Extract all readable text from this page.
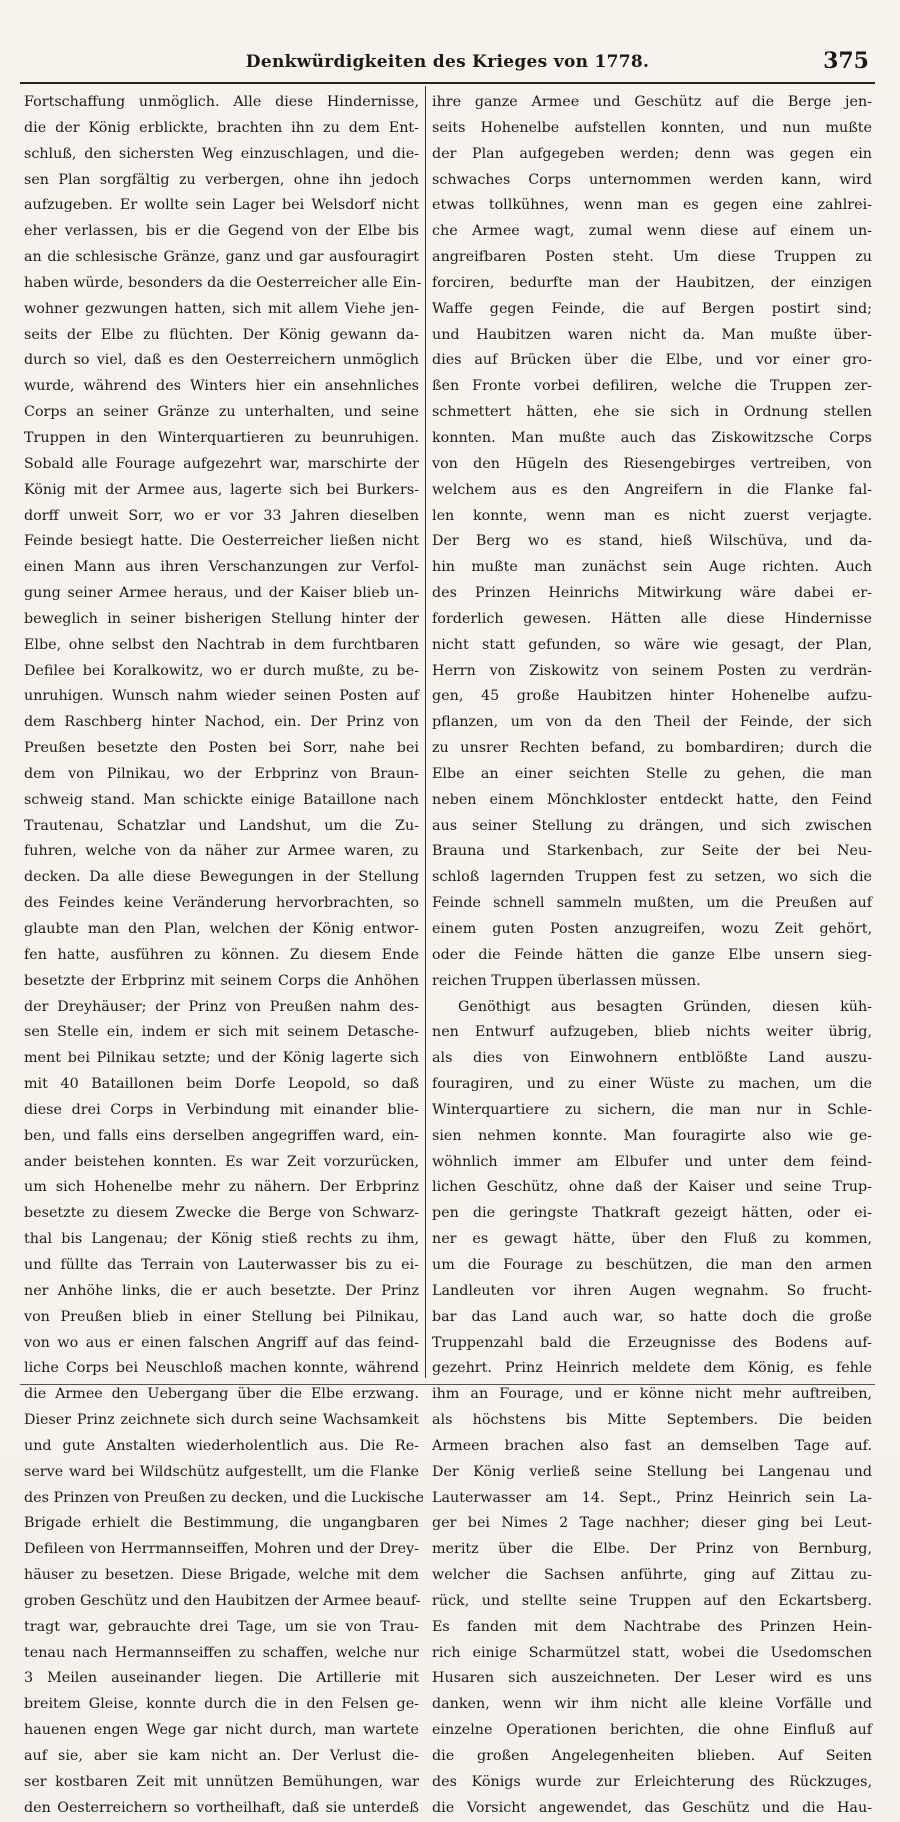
Denkwürdigkeiten des Krieges von 1778.	375
Fortschaffung unmöglich. Alle diese Hindernisse,
die der König erblickte, brachten ihn zu dem Ent-
schluß, den sichersten Weg einzuschlagen, und die-
sen Plan sorgfältig zu verbergen, ohne ihn jedoch
aufzugeben. Er wollte sein Lager bei Welsdorf nicht
eher verlassen, bis er die Gegend von der Elbe bis
an die schlesische Gränze, ganz und gar ausfouragirt
haben würde, besonders da die Oesterreicher alle Ein-
wohner gezwungen hatten, sich mit allem Viehe jen-
seits der Elbe zu flüchten. Der König gewann da-
durch so viel, daß es den Oesterreichern unmöglich
wurde, während des Winters hier ein ansehnliches
Corps an seiner Gränze zu unterhalten, und seine
Truppen in den Winterquartieren zu beunruhigen.
Sobald alle Fourage aufgezehrt war, marschirte der
König mit der Armee aus, lagerte sich bei Burkers-
dorff unweit Sorr, wo er vor 33 Jahren dieselben
Feinde besiegt hatte. Die Oesterreicher ließen nicht
einen Mann aus ihren Verschanzungen zur Verfol-
gung seiner Armee heraus, und der Kaiser blieb un-
beweglich in seiner bisherigen Stellung hinter der
Elbe, ohne selbst den Nachtrab in dem furchtbaren
Defilee bei Koralkowitz, wo er durch mußte, zu be-
unruhigen. Wunsch nahm wieder seinen Posten auf
dem Raschberg hinter Nachod, ein. Der Prinz von
Preußen besetzte den Posten bei Sorr, nahe bei
dem von Pilnikau, wo der Erbprinz von Braun-
schweig stand. Man schickte einige Bataillone nach
Trautenau, Schatzlar und Landshut, um die Zu-
fuhren, welche von da näher zur Armee waren, zu
decken. Da alle diese Bewegungen in der Stellung
des Feindes keine Veränderung hervorbrachten, so
glaubte man den Plan, welchen der König entwor-
fen hatte, ausführen zu können. Zu diesem Ende
besetzte der Erbprinz mit seinem Corps die Anhöhen
der Dreyhäuser; der Prinz von Preußen nahm des-
sen Stelle ein, indem er sich mit seinem Detasche-
ment bei Pilnikau setzte; und der König lagerte sich
mit 40 Bataillonen beim Dorfe Leopold, so daß
diese drei Corps in Verbindung mit einander blie-
ben, und falls eins derselben angegriffen ward, ein-
ander beistehen konnten. Es war Zeit vorzurücken,
um sich Hohenelbe mehr zu nähern. Der Erbprinz
besetzte zu diesem Zwecke die Berge von Schwarz-
thal bis Langenau; der König stieß rechts zu ihm,
und füllte das Terrain von Lauterwasser bis zu ei-
ner Anhöhe links, die er auch besetzte. Der Prinz
von Preußen blieb in einer Stellung bei Pilnikau,
von wo aus er einen falschen Angriff auf das feind-
liche Corps bei Neuschloß machen konnte, während
die Armee den Uebergang über die Elbe erzwang.
Dieser Prinz zeichnete sich durch seine Wachsamkeit
und gute Anstalten wiederholentlich aus. Die Re-
serve ward bei Wildschütz aufgestellt, um die Flanke
des Prinzen von Preußen zu decken, und die Luckische
Brigade erhielt die Bestimmung, die ungangbaren
Defileen von Herrmannseiffen, Mohren und der Drey-
häuser zu besetzen. Diese Brigade, welche mit dem
groben Geschütz und den Haubitzen der Armee beauf-
tragt war, gebrauchte drei Tage, um sie von Trau-
tenau nach Hermannseiffen zu schaffen, welche nur
3 Meilen auseinander liegen. Die Artillerie mit
breitem Gleise, konnte durch die in den Felsen ge-
hauenen engen Wege gar nicht durch, man wartete
auf sie, aber sie kam nicht an. Der Verlust die-
ser kostbaren Zeit mit unnützen Bemühungen, war
den Oesterreichern so vortheilhaft, daß sie unterdeß
ihre ganze Armee und Geschütz auf die Berge jen-
seits Hohenelbe aufstellen konnten, und nun mußte
der Plan aufgegeben werden; denn was gegen ein
schwaches Corps unternommen werden kann, wird
etwas tollkühnes, wenn man es gegen eine zahlrei-
che Armee wagt, zumal wenn diese auf einem un-
angreifbaren Posten steht. Um diese Truppen zu
forciren, bedurfte man der Haubitzen, der einzigen
Waffe gegen Feinde, die auf Bergen postirt sind;
und Haubitzen waren nicht da. Man mußte über-
dies auf Brücken über die Elbe, und vor einer gro-
ßen Fronte vorbei defiliren, welche die Truppen zer-
schmettert hätten, ehe sie sich in Ordnung stellen
konnten. Man mußte auch das Ziskowitzsche Corps
von den Hügeln des Riesengebirges vertreiben, von
welchem aus es den Angreifern in die Flanke fal-
len konnte, wenn man es nicht zuerst verjagte.
Der Berg wo es stand, hieß Wilschüva, und da-
hin mußte man zunächst sein Auge richten. Auch
des Prinzen Heinrichs Mitwirkung wäre dabei er-
forderlich gewesen. Hätten alle diese Hindernisse
nicht statt gefunden, so wäre wie gesagt, der Plan,
Herrn von Ziskowitz von seinem Posten zu verdrän-
gen, 45 große Haubitzen hinter Hohenelbe aufzu-
pflanzen, um von da den Theil der Feinde, der sich
zu unsrer Rechten befand, zu bombardiren; durch die
Elbe an einer seichten Stelle zu gehen, die man
neben einem Mönchkloster entdeckt hatte, den Feind
aus seiner Stellung zu drängen, und sich zwischen
Brauna und Starkenbach, zur Seite der bei Neu-
schloß lagernden Truppen fest zu setzen, wo sich die
Feinde schnell sammeln mußten, um die Preußen auf
einem guten Posten anzugreifen, wozu Zeit gehört,
oder die Feinde hätten die ganze Elbe unsern sieg-
reichen Truppen überlassen müssen.
Genöthigt aus besagten Gründen, diesen küh-
nen Entwurf aufzugeben, blieb nichts weiter übrig,
als dies von Einwohnern entblößte Land auszu-
fouragiren, und zu einer Wüste zu machen, um die
Winterquartiere zu sichern, die man nur in Schle-
sien nehmen konnte. Man fouragirte also wie ge-
wöhnlich immer am Elbufer und unter dem feind-
lichen Geschütz, ohne daß der Kaiser und seine Trup-
pen die geringste Thatkraft gezeigt hätten, oder ei-
ner es gewagt hätte, über den Fluß zu kommen,
um die Fourage zu beschützen, die man den armen
Landleuten vor ihren Augen wegnahm. So frucht-
bar das Land auch war, so hatte doch die große
Truppenzahl bald die Erzeugnisse des Bodens auf-
gezehrt. Prinz Heinrich meldete dem König, es fehle
ihm an Fourage, und er könne nicht mehr auftreiben,
als höchstens bis Mitte Septembers. Die beiden
Armeen brachen also fast an demselben Tage auf.
Der König verließ seine Stellung bei Langenau und
Lauterwasser am 14. Sept., Prinz Heinrich sein La-
ger bei Nimes 2 Tage nachher; dieser ging bei Leut-
meritz über die Elbe. Der Prinz von Bernburg,
welcher die Sachsen anführte, ging auf Zittau zu-
rück, und stellte seine Truppen auf den Eckartsberg.
Es fanden mit dem Nachtrabe des Prinzen Hein-
rich einige Scharmützel statt, wobei die Usedomschen
Husaren sich auszeichneten. Der Leser wird es uns
danken, wenn wir ihm nicht alle kleine Vorfälle und
einzelne Operationen berichten, die ohne Einfluß auf
die großen Angelegenheiten blieben. Auf Seiten
des Königs wurde zur Erleichterung des Rückzuges,
die Vorsicht angewendet, das Geschütz und die Hau-
